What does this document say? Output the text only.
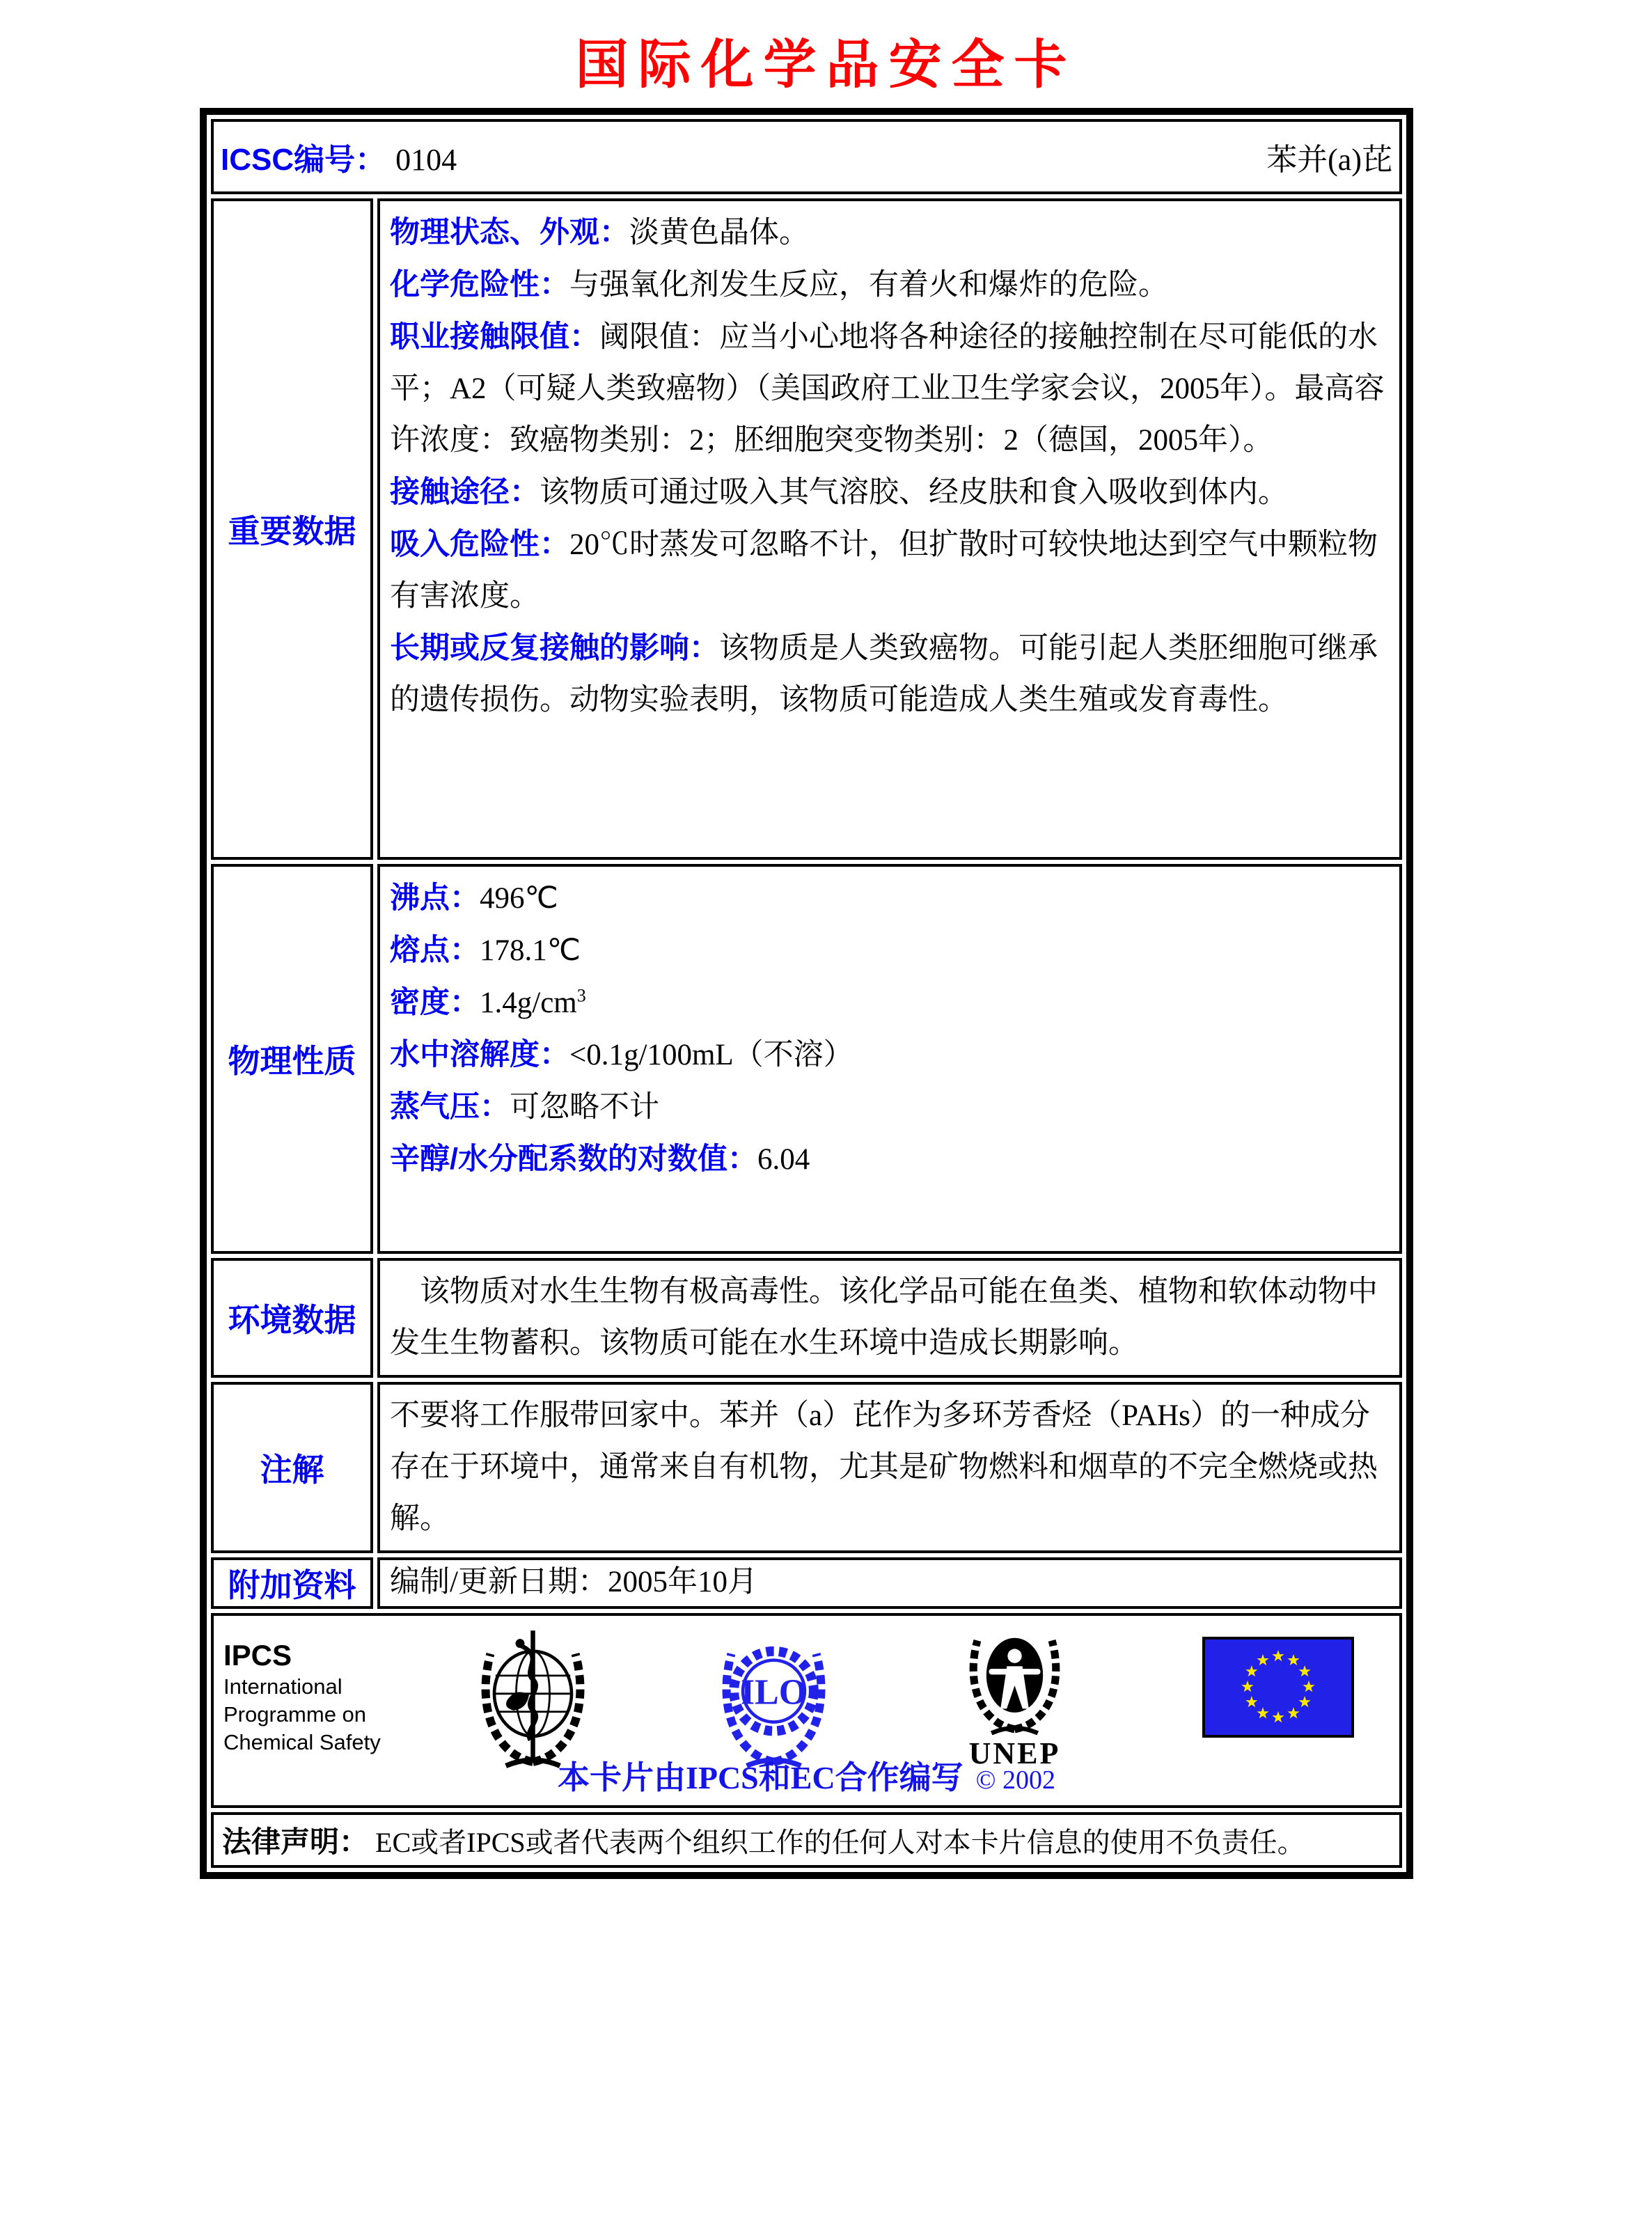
国际化学品安全卡
ICSC编号： 0104 苯并(a)芘	

重要数据	
物理状态、外观：淡黄色晶体。
化学危险性：与强氧化剂发生反应，有着火和爆炸的危险。
职业接触限值：阈限值：应当小心地将各种途径的接触控制在尽可能低的水平；A2（可疑人类致癌物）（美国政府工业卫生学家会议，2005年）。最高容许浓度：致癌物类别：2；胚细胞突变物类别：2（德国，2005年）。
接触途径：该物质可通过吸入其气溶胶、经皮肤和食入吸收到体内。
吸入危险性：20℃时蒸发可忽略不计，但扩散时可较快地达到空气中颗粒物有害浓度。
长期或反复接触的影响：该物质是人类致癌物。可能引起人类胚细胞可继承的遗传损伤。动物实验表明，该物质可能造成人类生殖或发育毒性。

物理性质	
沸点：496℃
熔点：178.1℃
密度：$1.4g/cm^3$
水中溶解度：<0.1g/100mL（不溶）
蒸气压：可忽略不计
辛醇/水分配系数的对数值：6.04

环境数据	　该物质对水生生物有极高毒性。该化学品可能在鱼类、植物和软体动物中发生生物蓄积。该物质可能在水生环境中造成长期影响。
注解	不要将工作服带回家中。苯并（a）芘作为多环芳香烃（PAHs）的一种成分存在于环境中，通常来自有机物，尤其是矿物燃料和烟草的不完全燃烧或热解。
附加资料	编制/更新日期：2005年10月

IPCS
International
Programme on
Chemical Safety
ILO
UNEP
本卡片由IPCS和EC合作编写 © 2002

法律声明： EC或者IPCS或者代表两个组织工作的任何人对本卡片信息的使用不负责任。	
